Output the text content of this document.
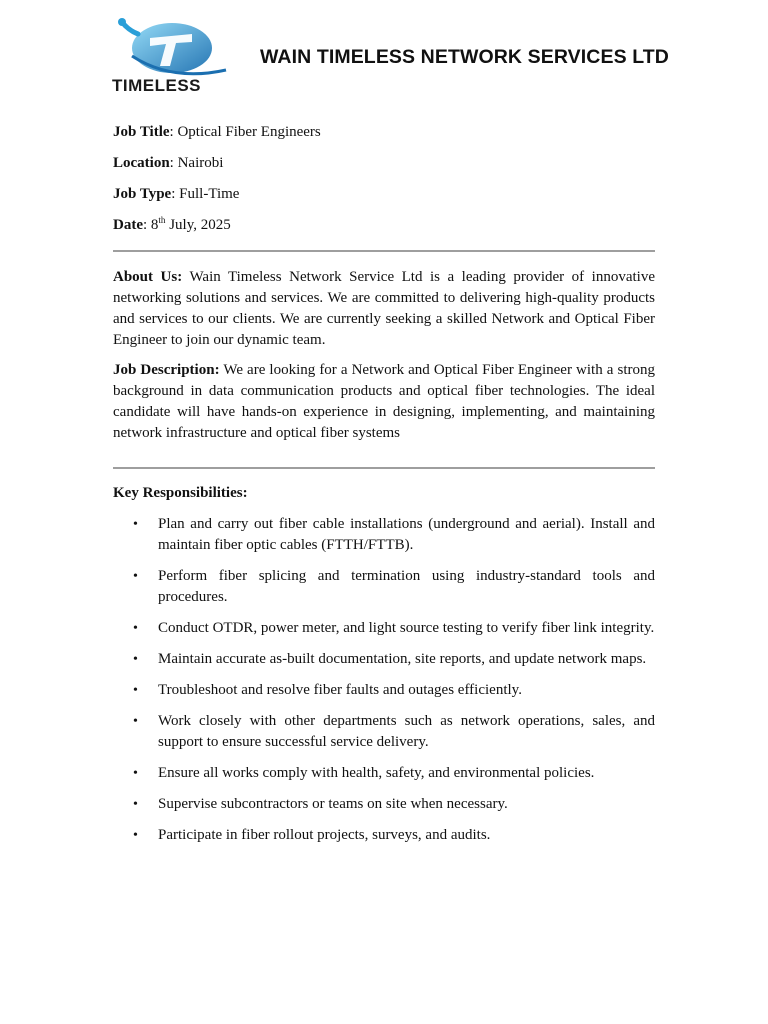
TIMELESS
WAIN TIMELESS NETWORK SERVICES LTD
Job Title: Optical Fiber Engineers
Location: Nairobi
Job Type: Full-Time
Date: 8th July, 2025

About Us: Wain Timeless Network Service Ltd is a leading provider of innovative networking solutions and services. We are committed to delivering high-quality products and services to our clients. We are currently seeking a skilled Network and Optical Fiber Engineer to join our dynamic team.

Job Description: We are looking for a Network and Optical Fiber Engineer with a strong background in data communication products and optical fiber technologies. The ideal candidate will have hands-on experience in designing, implementing, and maintaining network infrastructure and optical fiber systems

Key Responsibilities:
• Plan and carry out fiber cable installations (underground and aerial). Install and maintain fiber optic cables (FTTH/FTTB).
• Perform fiber splicing and termination using industry-standard tools and procedures.
• Conduct OTDR, power meter, and light source testing to verify fiber link integrity.
• Maintain accurate as-built documentation, site reports, and update network maps.
• Troubleshoot and resolve fiber faults and outages efficiently.
• Work closely with other departments such as network operations, sales, and support to ensure successful service delivery.
• Ensure all works comply with health, safety, and environmental policies.
• Supervise subcontractors or teams on site when necessary.
• Participate in fiber rollout projects, surveys, and audits.
